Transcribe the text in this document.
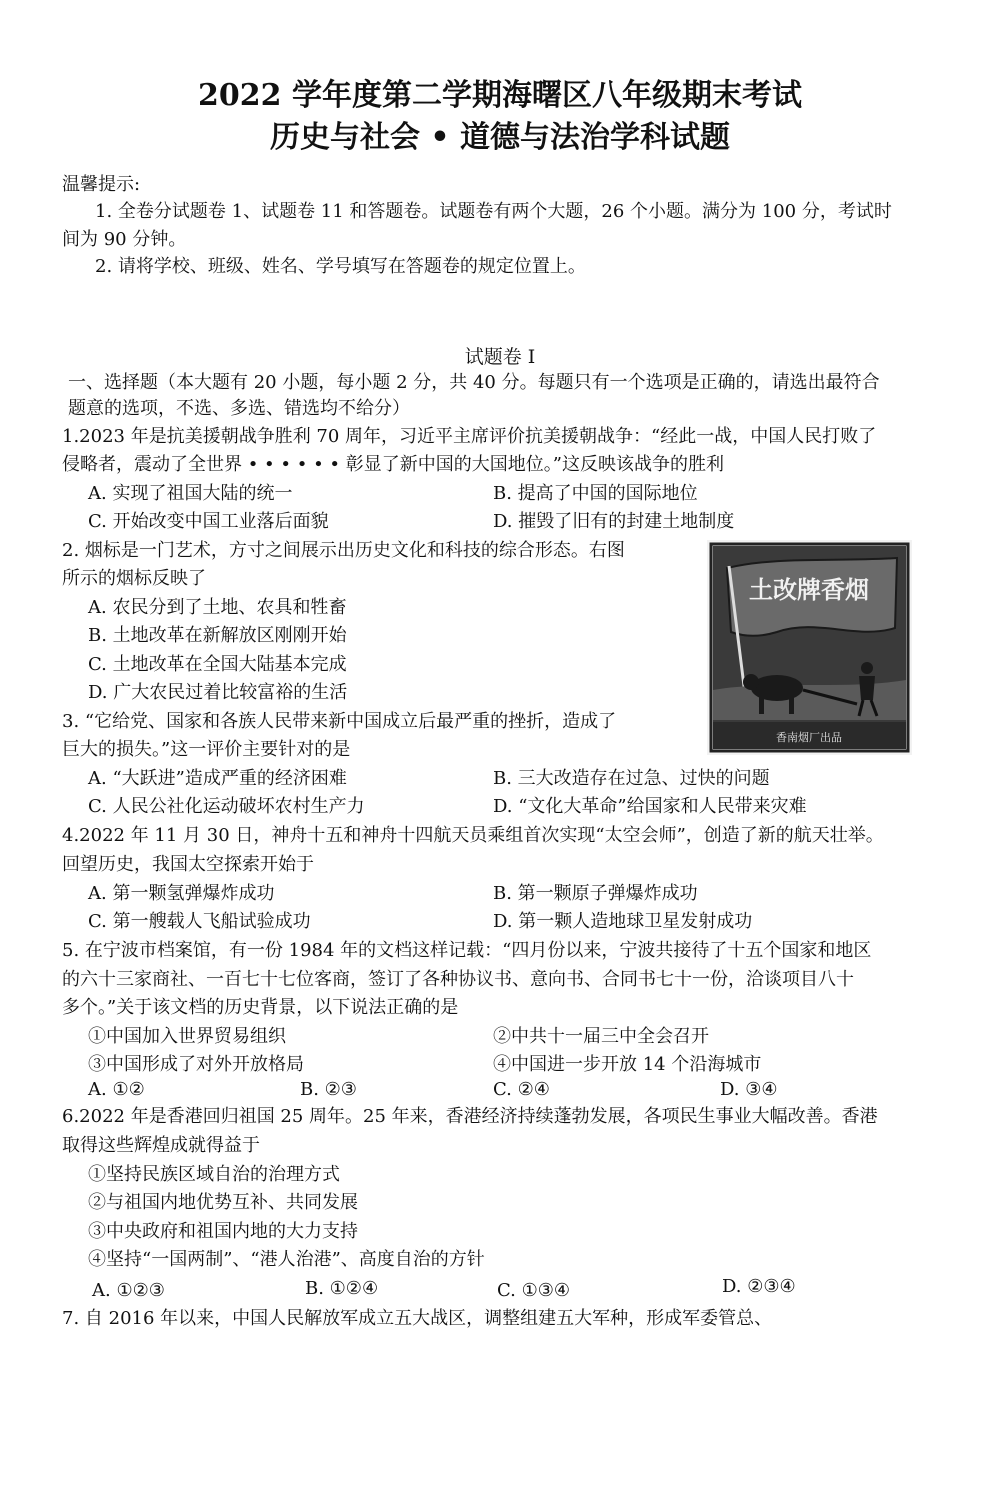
2022 学年度第二学期海曙区八年级期末考试
历史与社会 • 道德与法治学科试题
温馨提示:
1. 全卷分试题卷 1、试题卷 11 和答题卷。试题卷有两个大题，26 个小题。满分为 100 分，考试时
间为 90 分钟。
2. 请将学校、班级、姓名、学号填写在答题卷的规定位置上。
试题卷 I
一、选择题（本大题有 20 小题，每小题 2 分，共 40 分。每题只有一个选项是正确的，请选出最符合
题意的选项，不选、多选、错选均不给分）
1.2023 年是抗美援朝战争胜利 70 周年，习近平主席评价抗美援朝战争：“经此一战，中国人民打败了
侵略者，震动了全世界 • • • • • • 彰显了新中国的大国地位。”这反映该战争的胜利
A. 实现了祖国大陆的统一	B. 提高了中国的国际地位
C. 开始改变中国工业落后面貌	D. 摧毁了旧有的封建土地制度
2. 烟标是一门艺术，方寸之间展示出历史文化和科技的综合形态。右图
所示的烟标反映了
A. 农民分到了土地、农具和牲畜
B. 土地改革在新解放区刚刚开始
C. 土地改革在全国大陆基本完成
D. 广大农民过着比较富裕的生活
土改牌香烟
香南烟厂出品
3. “它给党、国家和各族人民带来新中国成立后最严重的挫折，造成了
巨大的损失。”这一评价主要针对的是
A. “大跃进”造成严重的经济困难	B. 三大改造存在过急、过快的问题
C. 人民公社化运动破坏农村生产力	D. “文化大革命”给国家和人民带来灾难
4.2022 年 11 月 30 日，神舟十五和神舟十四航天员乘组首次实现“太空会师”，创造了新的航天壮举。
回望历史，我国太空探索开始于
A. 第一颗氢弹爆炸成功	B. 第一颗原子弹爆炸成功
C. 第一艘载人飞船试验成功	D. 第一颗人造地球卫星发射成功
5. 在宁波市档案馆，有一份 1984 年的文档这样记载：“四月份以来，宁波共接待了十五个国家和地区
的六十三家商社、一百七十七位客商，签订了各种协议书、意向书、合同书七十一份，洽谈项目八十
多个。”关于该文档的历史背景，以下说法正确的是
①中国加入世界贸易组织	②中共十一届三中全会召开
③中国形成了对外开放格局	④中国进一步开放 14 个沿海城市
A. ①②	B. ②③	C. ②④	D. ③④
6.2022 年是香港回归祖国 25 周年。25 年来，香港经济持续蓬勃发展，各项民生事业大幅改善。香港
取得这些辉煌成就得益于
①坚持民族区域自治的治理方式
②与祖国内地优势互补、共同发展
③中央政府和祖国内地的大力支持
④坚持“一国两制”、“港人治港”、高度自治的方针
A. ①②③	B. ①②④	C. ①③④	D. ②③④
7. 自 2016 年以来，中国人民解放军成立五大战区，调整组建五大军种，形成军委管总、
